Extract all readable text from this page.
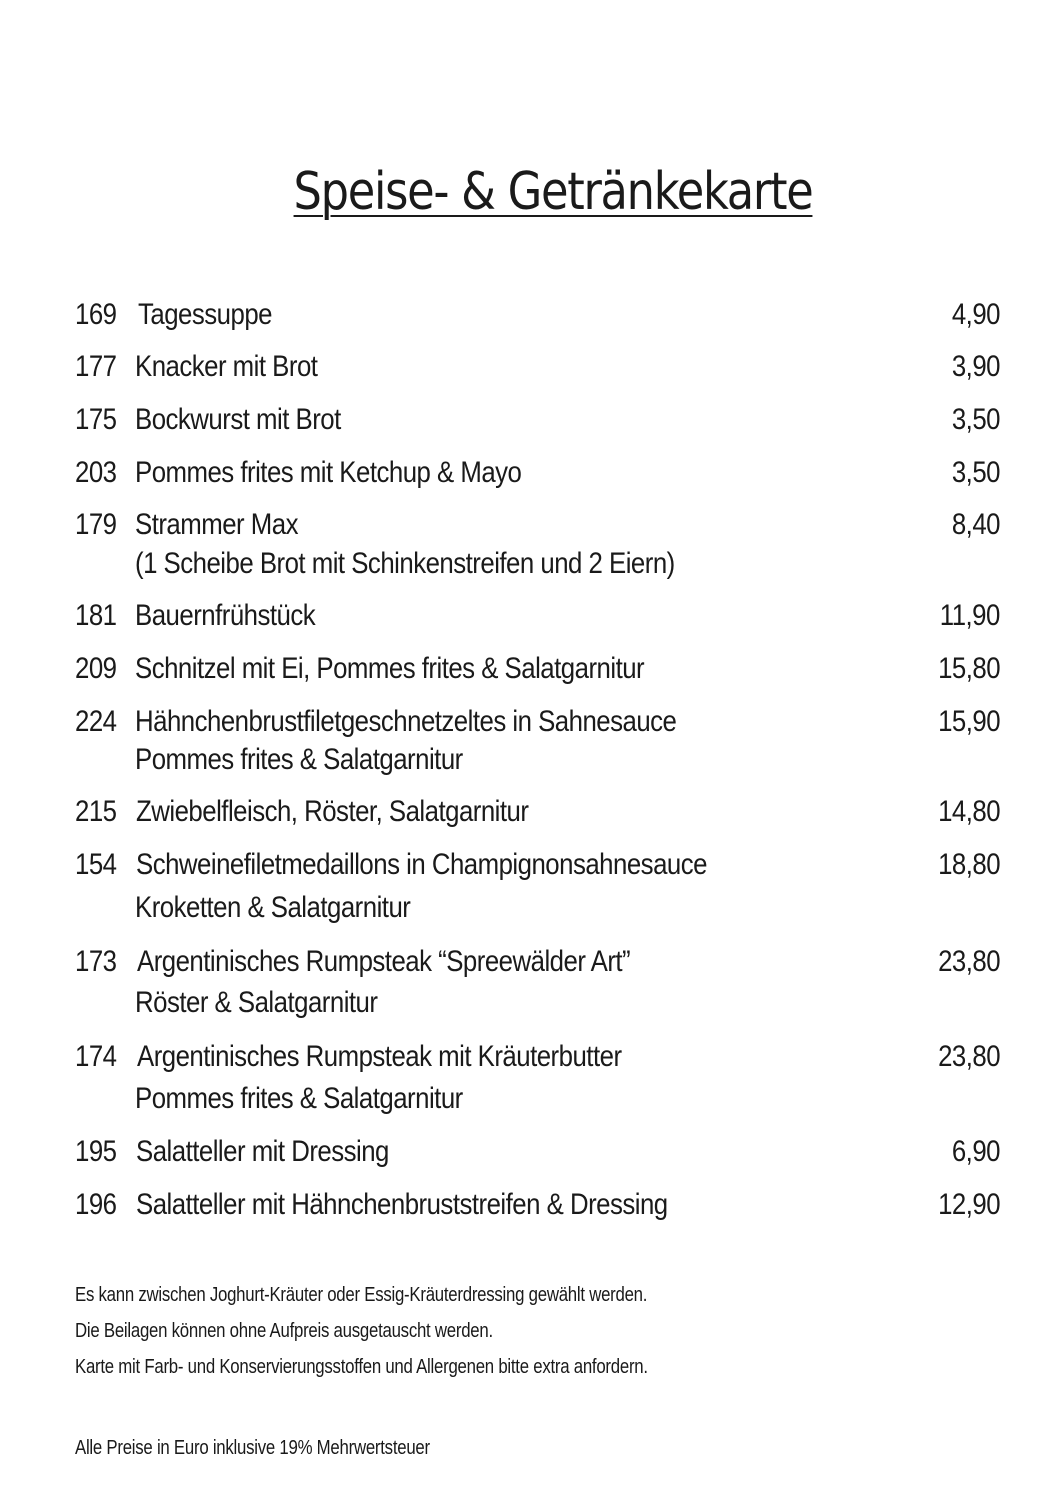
Speise- & Getränkekarte
169 Tagessuppe	4,90
177 Knacker mit Brot	3,90
175 Bockwurst mit Brot	3,50
203 Pommes frites mit Ketchup & Mayo	3,50
179 Strammer Max	8,40
(1 Scheibe Brot mit Schinkenstreifen und 2 Eiern)
181 Bauernfrühstück	11,90
209 Schnitzel mit Ei, Pommes frites & Salatgarnitur	15,80
224 Hähnchenbrustfiletgeschnetzeltes in Sahnesauce	15,90
Pommes frites & Salatgarnitur
215 Zwiebelfleisch, Röster, Salatgarnitur	14,80
154 Schweinefiletmedaillons in Champignonsahnesauce	18,80
Kroketten & Salatgarnitur
173 Argentinisches Rumpsteak “Spreewälder Art”	23,80
Röster & Salatgarnitur
174 Argentinisches Rumpsteak mit Kräuterbutter	23,80
Pommes frites & Salatgarnitur
195 Salatteller mit Dressing	6,90
196 Salatteller mit Hähnchenbruststreifen & Dressing	12,90
Es kann zwischen Joghurt-Kräuter oder Essig-Kräuterdressing gewählt werden.
Die Beilagen können ohne Aufpreis ausgetauscht werden.
Karte mit Farb- und Konservierungsstoffen und Allergenen bitte extra anfordern.
Alle Preise in Euro inklusive 19% Mehrwertsteuer
